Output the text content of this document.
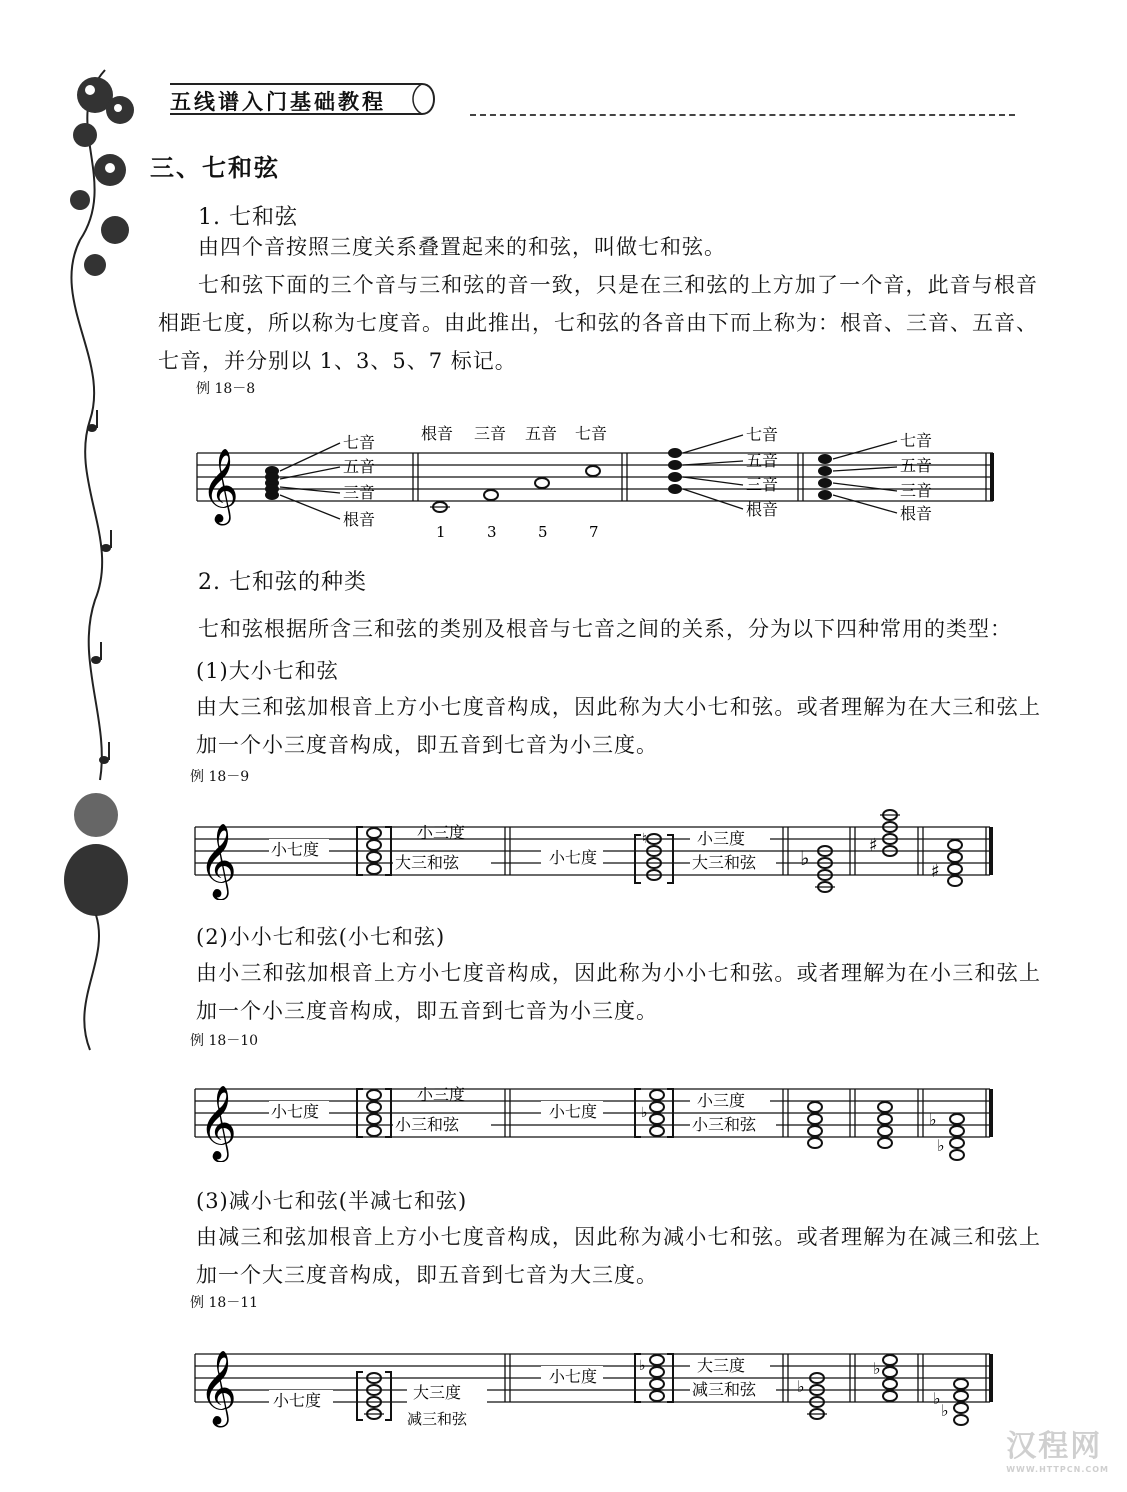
五线谱入门基础教程
三、七和弦
1. 七和弦
由四个音按照三度关系叠置起来的和弦，叫做七和弦。
七和弦下面的三个音与三和弦的音一致，只是在三和弦的上方加了一个音，此音与根音相距七度，所以称为七度音。由此推出，七和弦的各音由下而上称为：根音、三音、五音、七音，并分别以 1、3、5、7 标记。
例 18－8
𝄞
七音
五音
三音
根音
根音 三音 五音 七音
1	3	5	7
七音
五音
三音
根音
七音
五音
三音
根音
2. 七和弦的种类
七和弦根据所含三和弦的类别及根音与七音之间的关系，分为以下四种常用的类型：
(1)大小七和弦
由大三和弦加根音上方小七度音构成，因此称为大小七和弦。或者理解为在大三和弦上加一个小三度音构成，即五音到七音为小三度。
例 18－9
𝄞 小七度
小三度
大三和弦	小七度
♮	小三度
大三和弦 ♭
♯
♯
(2)小小七和弦(小七和弦)
由小三和弦加根音上方小七度音构成，因此称为小小七和弦。或者理解为在小三和弦上加一个小三度音构成，即五音到七音为小三度。
例 18－10
𝄞 小七度
小三度
小三和弦
小七度	♭
小三度
小三和弦	♭
♭
(3)减小七和弦(半减七和弦)
由减三和弦加根音上方小七度音构成，因此称为减小七和弦。或者理解为在减三和弦上加一个大三度音构成，即五音到七音为大三度。
例 18－11
𝄞 小七度	大三度
减三和弦
小七度
♭	大三度
减三和弦	♭
♭
♭
♭
汉程网
WWW.HTTPCN.COM
